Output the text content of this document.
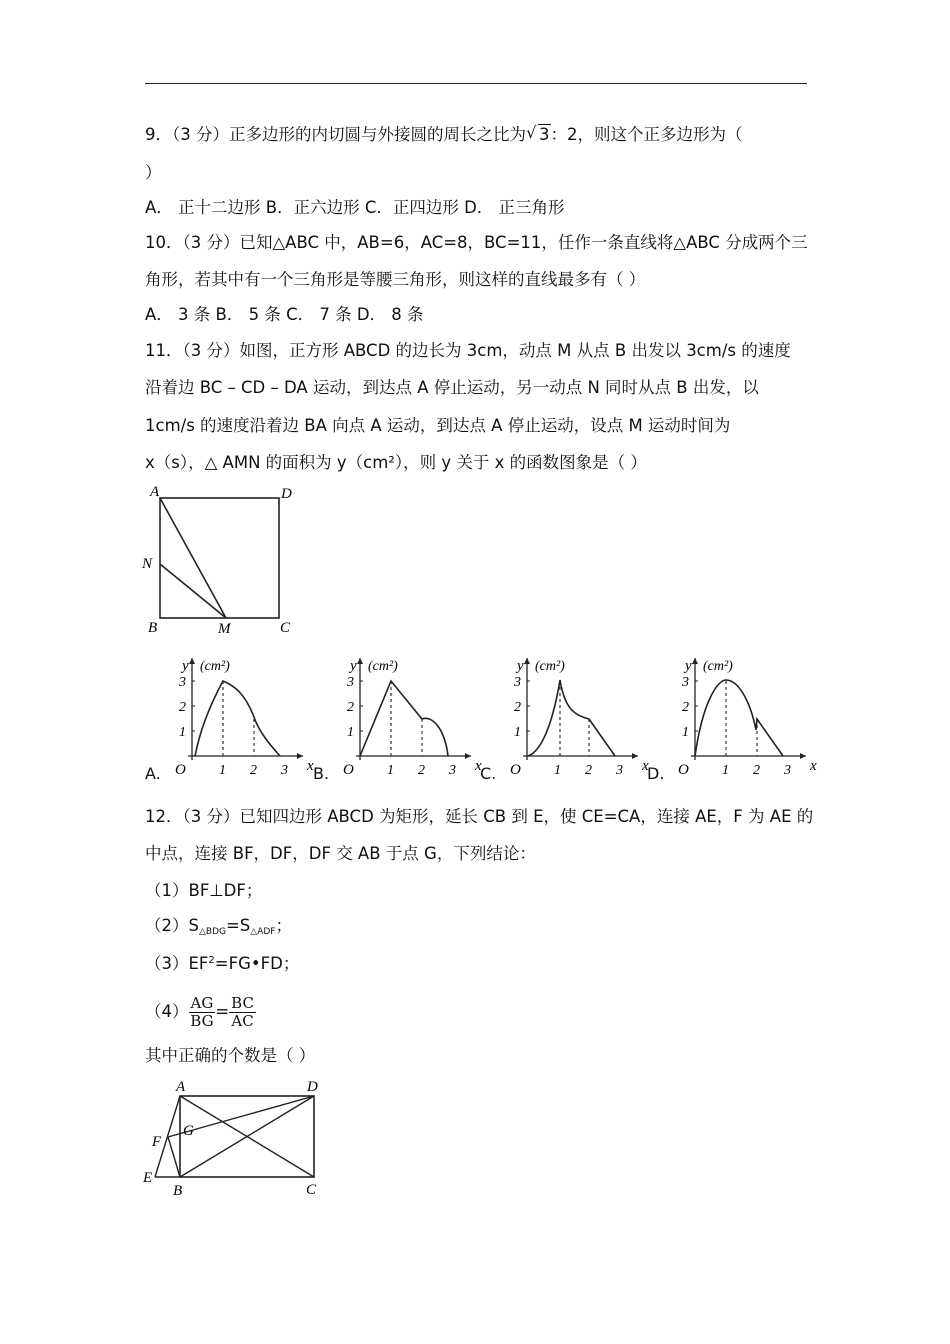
9．（3 分）正多边形的内切圆与外接圆的周长之比为 √ 3：2，则这个正多边形为（
）
A． 正十二边形 B．正六边形 C．正四边形 D． 正三角形
10．（3 分）已知△ABC 中，AB=6，AC=8，BC=11，任作一条直线将△ABC 分成两个三
角形，若其中有一个三角形是等腰三角形，则这样的直线最多有（ ）
A． 3 条 B． 5 条 C． 7 条 D． 8 条
11．（3 分）如图，正方形 ABCD 的边长为 3cm，动点 M 从点 B 出发以 3cm/s 的速度
沿着边 BC – CD – DA 运动，到达点 A 停止运动，另一动点 N 同时从点 B 出发，以
1cm/s 的速度沿着边 BA 向点 A 运动，到达点 A 停止运动，设点 M 运动时间为
x（s），△ AMN 的面积为 y（cm²），则 y 关于 x 的函数图象是（ ）
A	D
N
B	M	C
A.
1
2
3
1 2 3
O	x
y (cm²)
B.
1
2
3
1 2 3
O	x
y (cm²)
C.
1
2
3
1 2 3
O	x
y (cm²)
D.
1
2
3
1 2 3
O	x
y (cm²)
12．（3 分）已知四边形 ABCD 为矩形，延长 CB 到 E，使 CE=CA，连接 AE，F 为 AE 的
中点，连接 BF，DF，DF 交 AB 于点 G，下列结论：
（1）BF⊥DF；
$(2)S_{\triangle BDG}=S_{\triangle ADF}$；
$(3)EF^2=FG•FD$；
$(4) \frac{AG}{BG} = \frac{BC}{AC}$
其中正确的个数是（ ）
A	D
F
G
E
B	C
